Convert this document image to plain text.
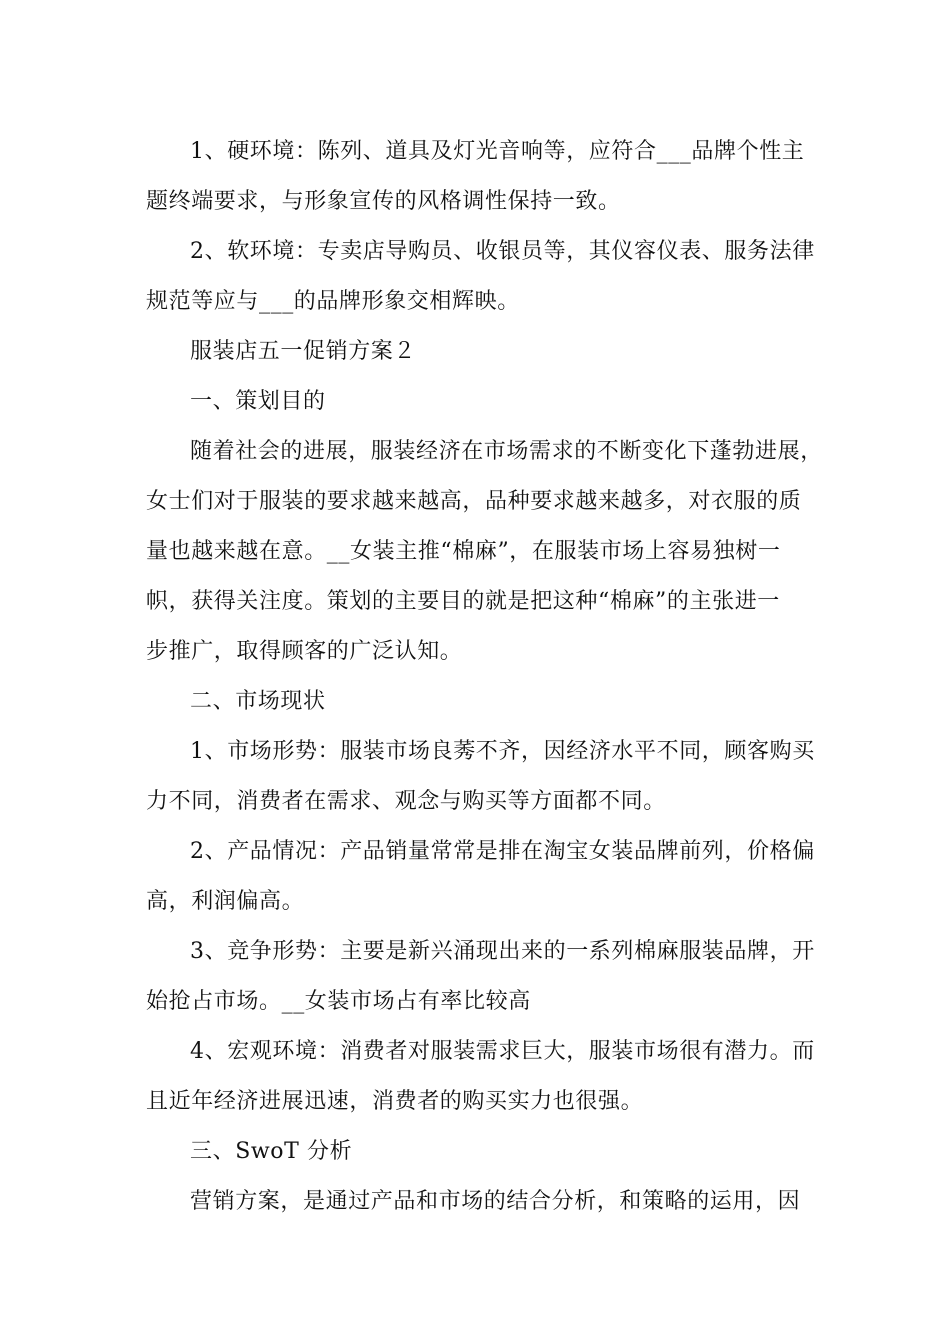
1、硬环境：陈列、道具及灯光音响等，应符合___品牌个性主
题终端要求，与形象宣传的风格调性保持一致。
2、软环境：专卖店导购员、收银员等，其仪容仪表、服务法律
规范等应与___的品牌形象交相辉映。
服装店五一促销方案２
一、策划目的
随着社会的进展，服装经济在市场需求的不断变化下蓬勃进展，
女士们对于服装的要求越来越高，品种要求越来越多，对衣服的质
量也越来越在意。__女装主推“棉麻”，在服装市场上容易独树一
帜，获得关注度。策划的主要目的就是把这种“棉麻”的主张进一
步推广，取得顾客的广泛认知。
二、市场现状
1、市场形势：服装市场良莠不齐，因经济水平不同，顾客购买
力不同，消费者在需求、观念与购买等方面都不同。
2、产品情况：产品销量常常是排在淘宝女装品牌前列，价格偏
高，利润偏高。
3、竞争形势：主要是新兴涌现出来的一系列棉麻服装品牌，开
始抢占市场。__女装市场占有率比较高
4、宏观环境：消费者对服装需求巨大，服装市场很有潜力。而
且近年经济进展迅速，消费者的购买实力也很强。
三、SwoT 分析
营销方案，是通过产品和市场的结合分析，和策略的运用，因
